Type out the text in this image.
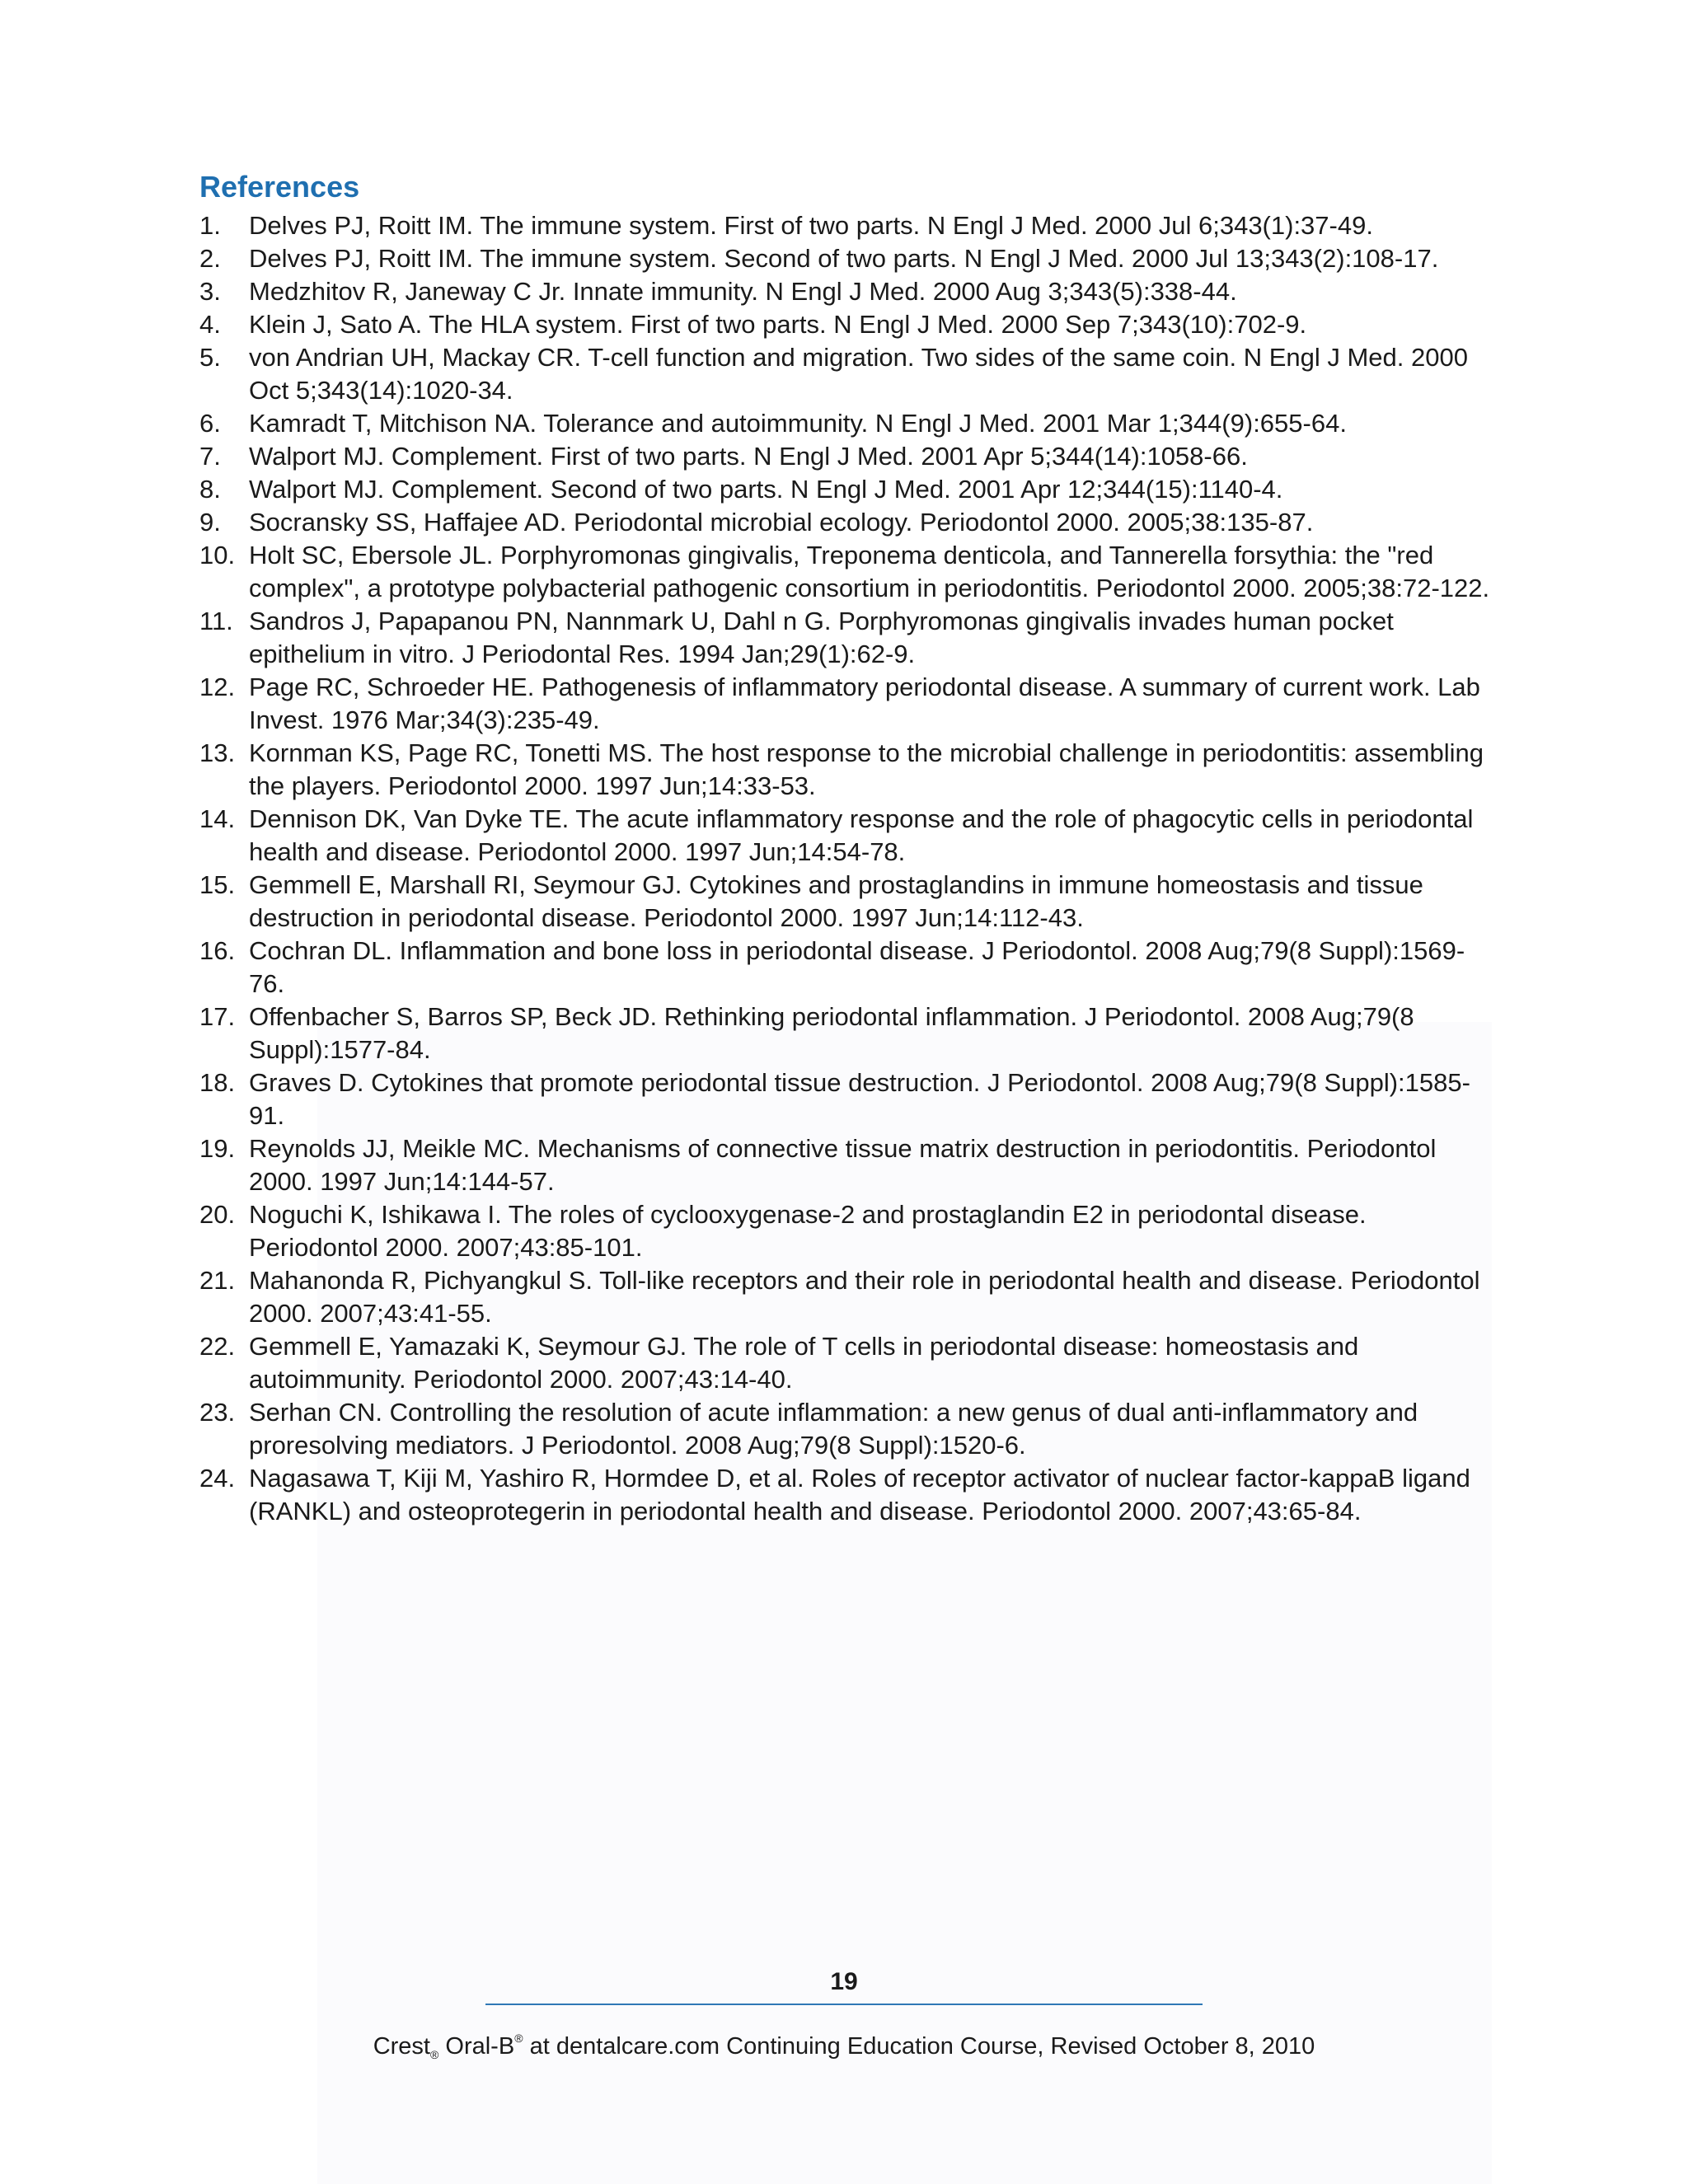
References
1.	Delves PJ, Roitt IM. The immune system. First of two parts. N Engl J Med. 2000 Jul 6;343(1):37-49.
2.	Delves PJ, Roitt IM. The immune system. Second of two parts. N Engl J Med. 2000 Jul 13;343(2):108-17.
3.	Medzhitov R, Janeway C Jr. Innate immunity. N Engl J Med. 2000 Aug 3;343(5):338-44.
4.	Klein J, Sato A. The HLA system. First of two parts. N Engl J Med. 2000 Sep 7;343(10):702-9.
5.	von Andrian UH, Mackay CR. T-cell function and migration. Two sides of the same coin. N Engl J Med. 2000 Oct 5;343(14):1020-34.
6.	Kamradt T, Mitchison NA. Tolerance and autoimmunity. N Engl J Med. 2001 Mar 1;344(9):655-64.
7.	Walport MJ. Complement. First of two parts. N Engl J Med. 2001 Apr 5;344(14):1058-66.
8.	Walport MJ. Complement. Second of two parts. N Engl J Med. 2001 Apr 12;344(15):1140-4.
9.	Socransky SS, Haffajee AD. Periodontal microbial ecology. Periodontol 2000. 2005;38:135-87.
10. Holt SC, Ebersole JL. Porphyromonas gingivalis, Treponema denticola, and Tannerella forsythia: the "red complex", a prototype polybacterial pathogenic consortium in periodontitis. Periodontol 2000. 2005;38:72-122.
11. Sandros J, Papapanou PN, Nannmark U, Dahl n G. Porphyromonas gingivalis invades human pocket epithelium in vitro. J Periodontal Res. 1994 Jan;29(1):62-9.
12. Page RC, Schroeder HE. Pathogenesis of inflammatory periodontal disease. A summary of current work. Lab Invest. 1976 Mar;34(3):235-49.
13. Kornman KS, Page RC, Tonetti MS. The host response to the microbial challenge in periodontitis: assembling the players. Periodontol 2000. 1997 Jun;14:33-53.
14. Dennison DK, Van Dyke TE. The acute inflammatory response and the role of phagocytic cells in periodontal health and disease. Periodontol 2000. 1997 Jun;14:54-78.
15. Gemmell E, Marshall RI, Seymour GJ. Cytokines and prostaglandins in immune homeostasis and tissue destruction in periodontal disease. Periodontol 2000. 1997 Jun;14:112-43.
16. Cochran DL. Inflammation and bone loss in periodontal disease. J Periodontol. 2008 Aug;79(8 Suppl):1569-76.
17. Offenbacher S, Barros SP, Beck JD. Rethinking periodontal inflammation. J Periodontol. 2008 Aug;79(8 Suppl):1577-84.
18. Graves D. Cytokines that promote periodontal tissue destruction. J Periodontol. 2008 Aug;79(8 Suppl):1585-91.
19. Reynolds JJ, Meikle MC. Mechanisms of connective tissue matrix destruction in periodontitis. Periodontol 2000. 1997 Jun;14:144-57.
20. Noguchi K, Ishikawa I. The roles of cyclooxygenase-2 and prostaglandin E2 in periodontal disease. Periodontol 2000. 2007;43:85-101.
21. Mahanonda R, Pichyangkul S. Toll-like receptors and their role in periodontal health and disease. Periodontol 2000. 2007;43:41-55.
22. Gemmell E, Yamazaki K, Seymour GJ. The role of T cells in periodontal disease: homeostasis and autoimmunity. Periodontol 2000. 2007;43:14-40.
23. Serhan CN. Controlling the resolution of acute inflammation: a new genus of dual anti-inflammatory and proresolving mediators. J Periodontol. 2008 Aug;79(8 Suppl):1520-6.
24. Nagasawa T, Kiji M, Yashiro R, Hormdee D, et al. Roles of receptor activator of nuclear factor-kappaB ligand (RANKL) and osteoprotegerin in periodontal health and disease. Periodontol 2000. 2007;43:65-84.
19
Crest$_®$ Oral-B® at dentalcare.com Continuing Education Course, Revised October 8, 2010
